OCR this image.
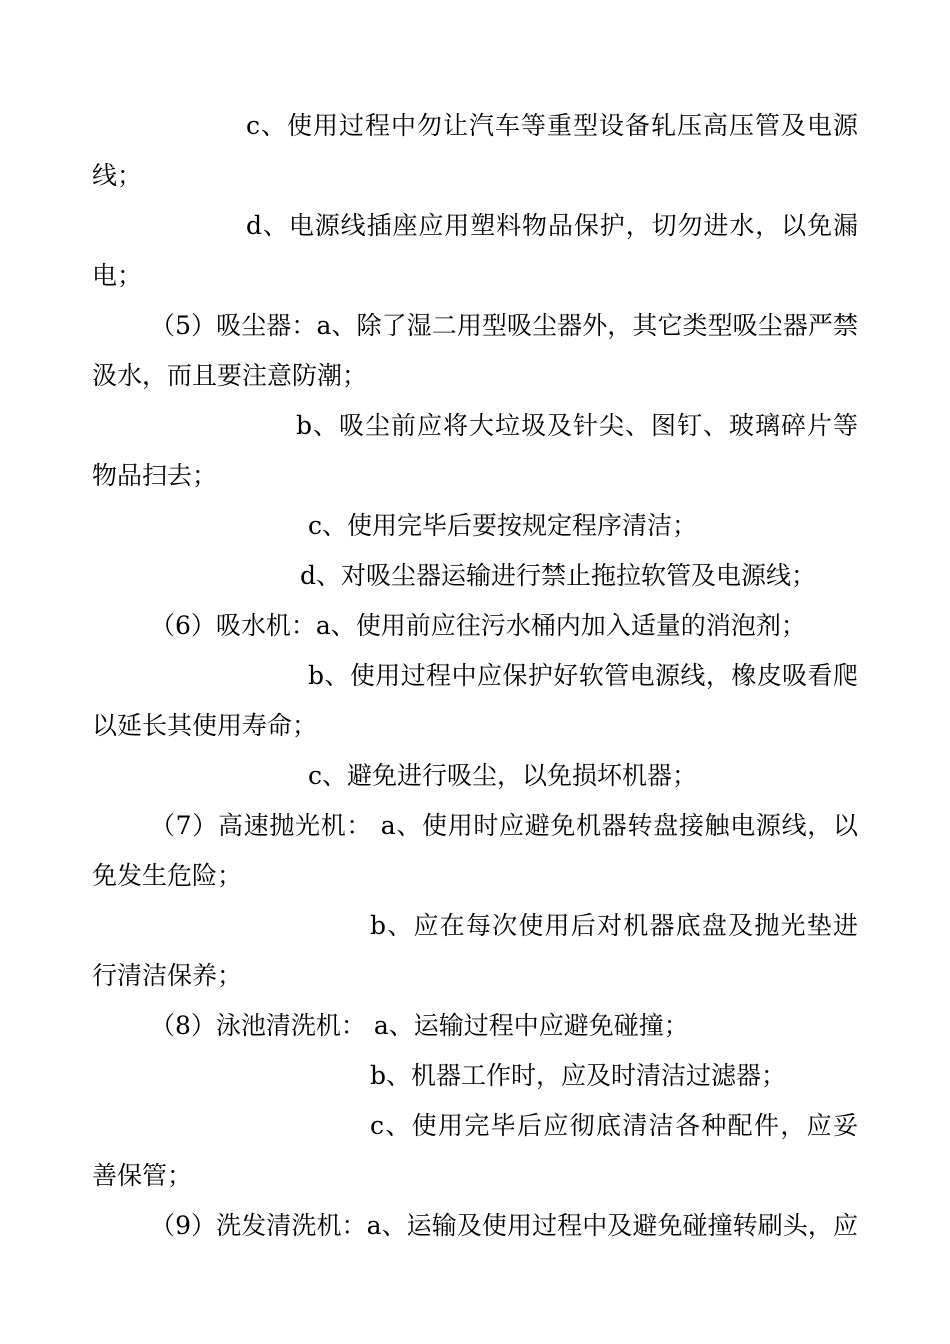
c、使用过程中勿让汽车等重型设备轧压高压管及电源
线；
d、电源线插座应用塑料物品保护，切勿进水，以免漏
电；
（5）吸尘器：a、除了湿二用型吸尘器外，其它类型吸尘器严禁
汲水，而且要注意防潮；
b、吸尘前应将大垃圾及针尖、图钉、玻璃碎片等
物品扫去；
c、使用完毕后要按规定程序清洁；
d、对吸尘器运输进行禁止拖拉软管及电源线；
（6）吸水机：a、使用前应往污水桶内加入适量的消泡剂；
b、使用过程中应保护好软管电源线，橡皮吸看爬
以延长其使用寿命；
c、避免进行吸尘，以免损坏机器；
（7）高速抛光机： a、使用时应避免机器转盘接触电源线，以
免发生危险；
b、应在每次使用后对机器底盘及抛光垫进
行清洁保养；
（8）泳池清洗机： a、运输过程中应避免碰撞；
b、机器工作时，应及时清洁过滤器；
c、使用完毕后应彻底清洁各种配件，应妥
善保管；
（9）洗发清洗机：a、运输及使用过程中及避免碰撞转刷头，应
